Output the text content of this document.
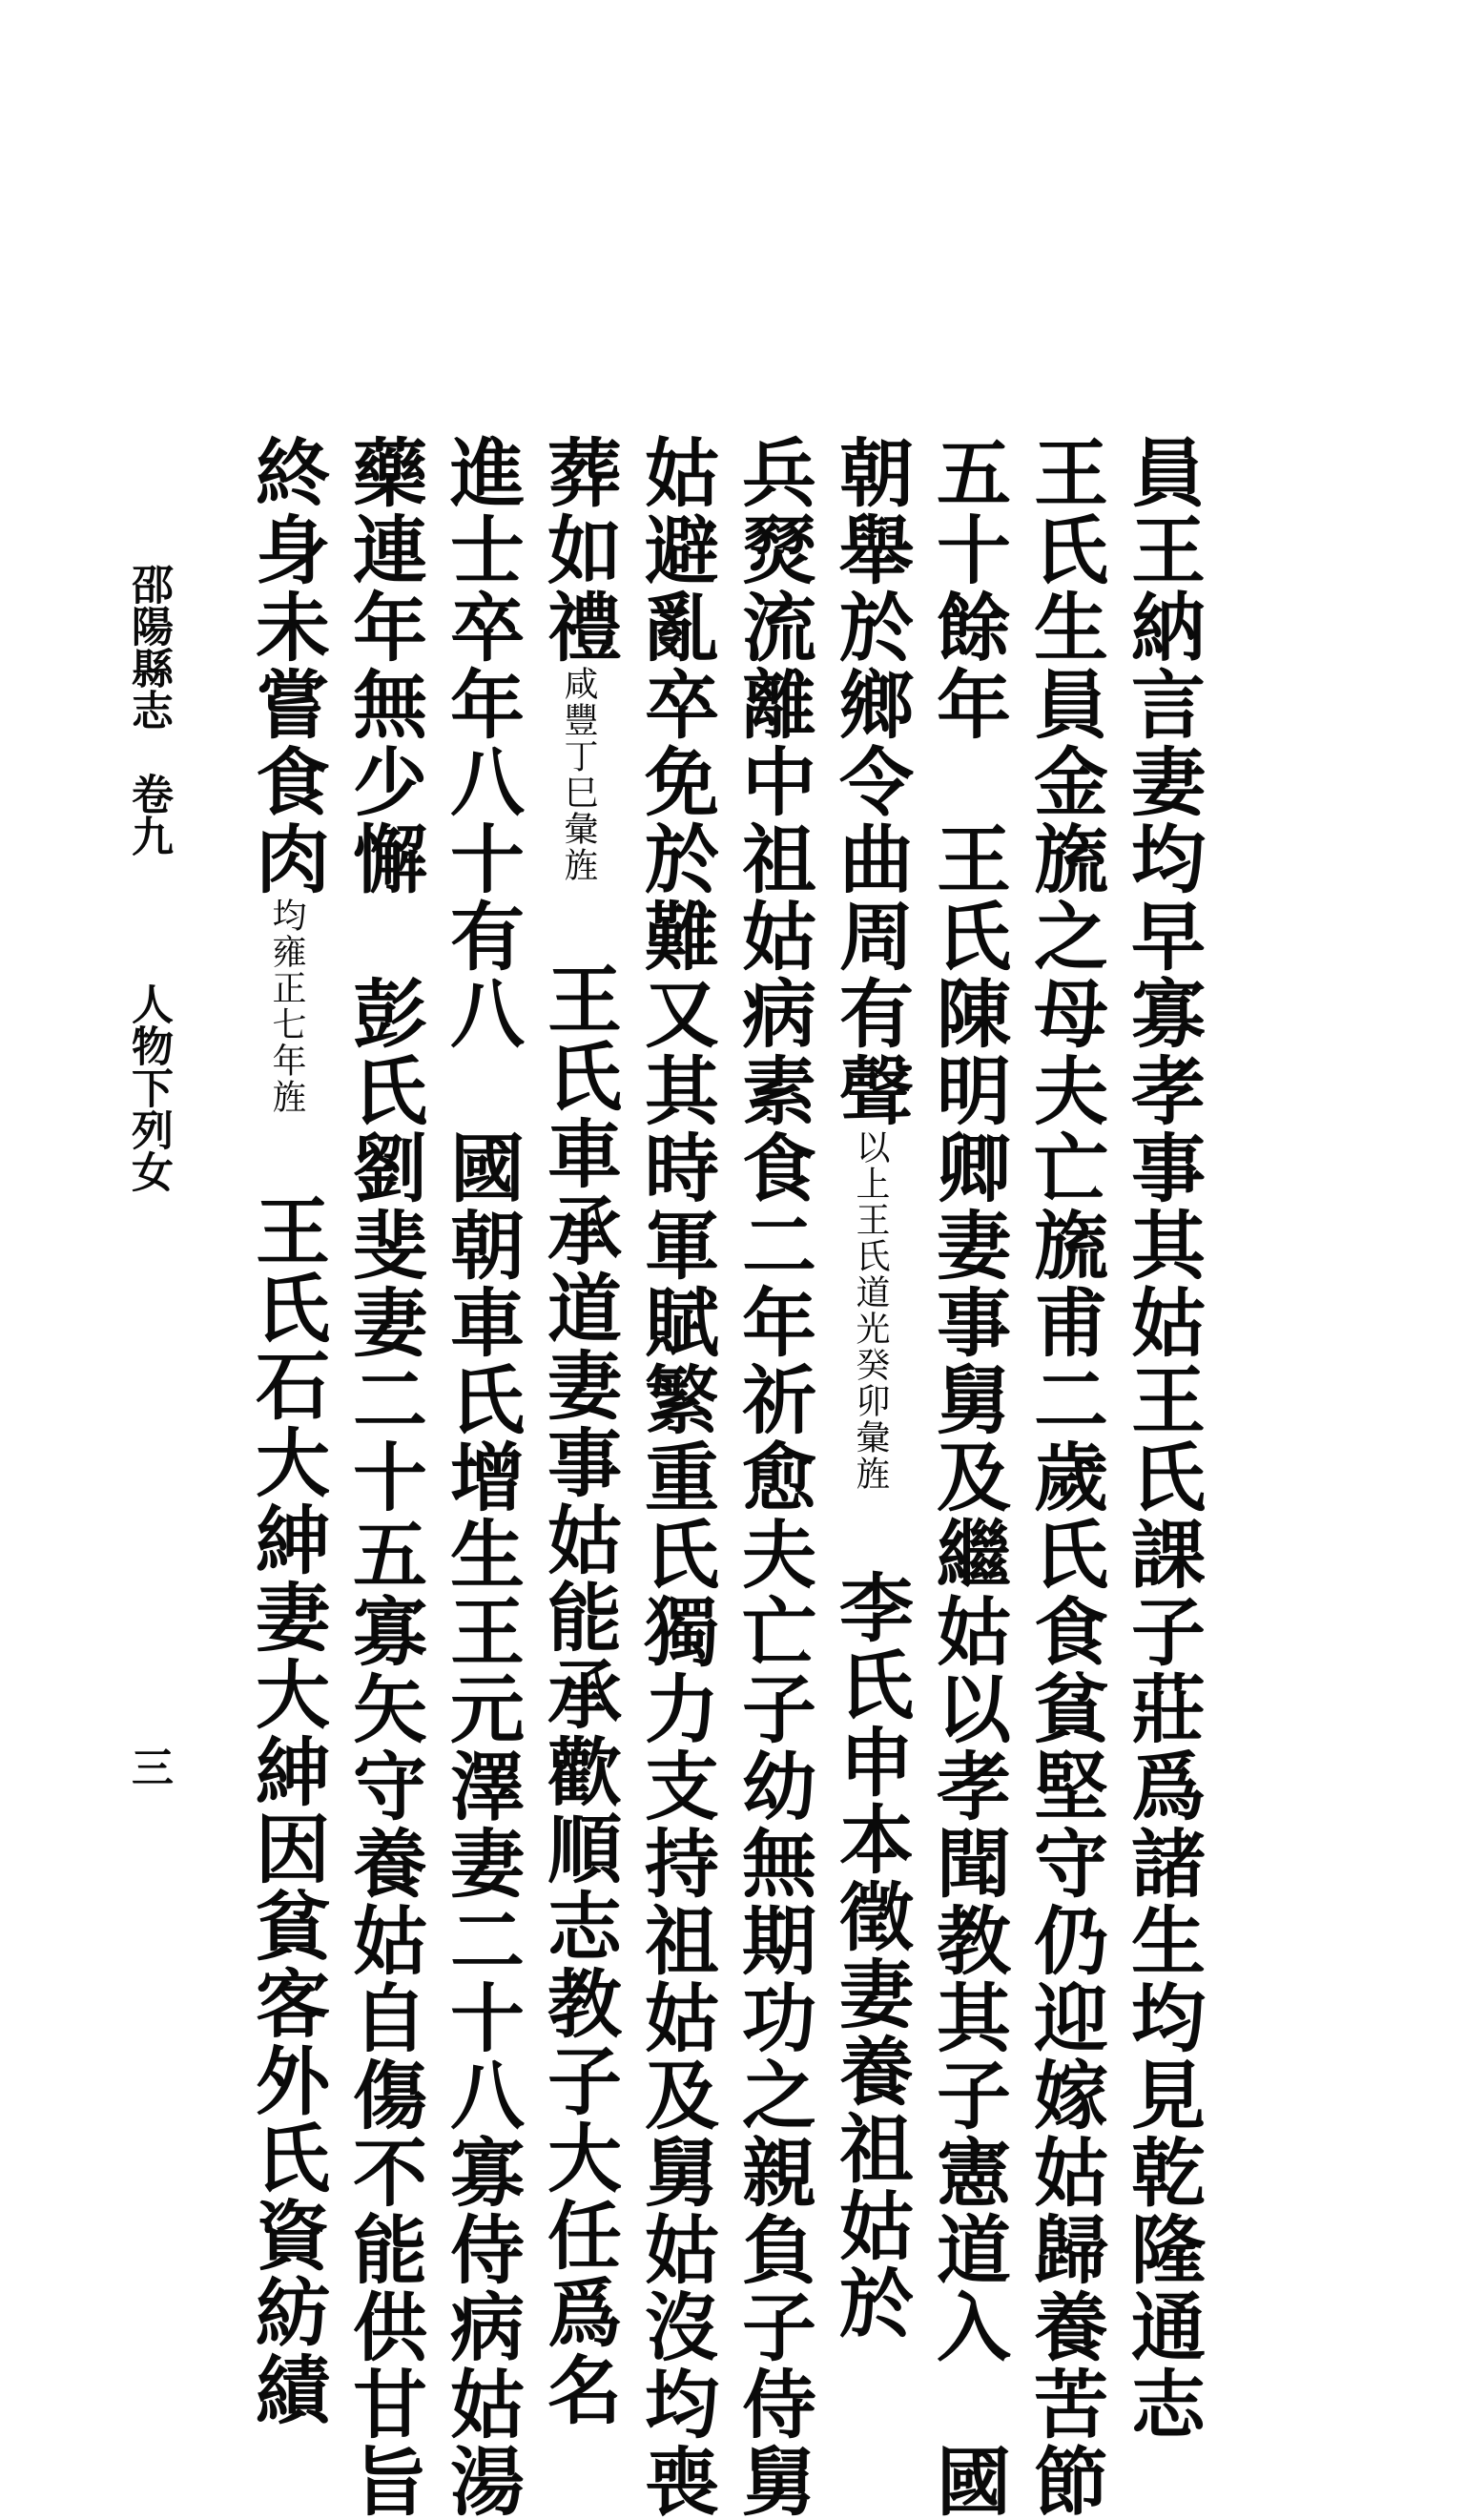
員王納言妻均早寡孝事其姑王氏課子莊爲諸生均見乾隆通志
王氏生員金旒之母夫亡旒甫二歲氏食貧堅守仍迎嫁姑歸養苦節
五十餘年　王氏陳明卿妻事舅及繼姑以孝聞教其子憲道入　國
朝舉於鄉令曲周有聲以上王氏道光癸卯彙旌　李氏申本徵妻養祖姑於
兵燹流離中祖姑病素食二年祈愈夫亡子幼無期功之親負子侍舅
姑避亂卒免於難又其時軍賦繁重氏獨力支持祖姑及舅姑沒均喪
葬如禮咸豐丁巳彙旌　王氏車承道妻事姑能承歡順志教子大任爲名
進士卒年八十有八　國朝車氏增生王元澤妻二十八寡侍病姑湯
藥連年無少懈　彭氏劉斐妻二十五寡矢守養姑自傷不能供甘旨
終身未嘗食肉均雍正七年旌　王氏石大紳妻大紳因貧客外氏資紡績
邵陽縣志　卷九
人物下列女
三
